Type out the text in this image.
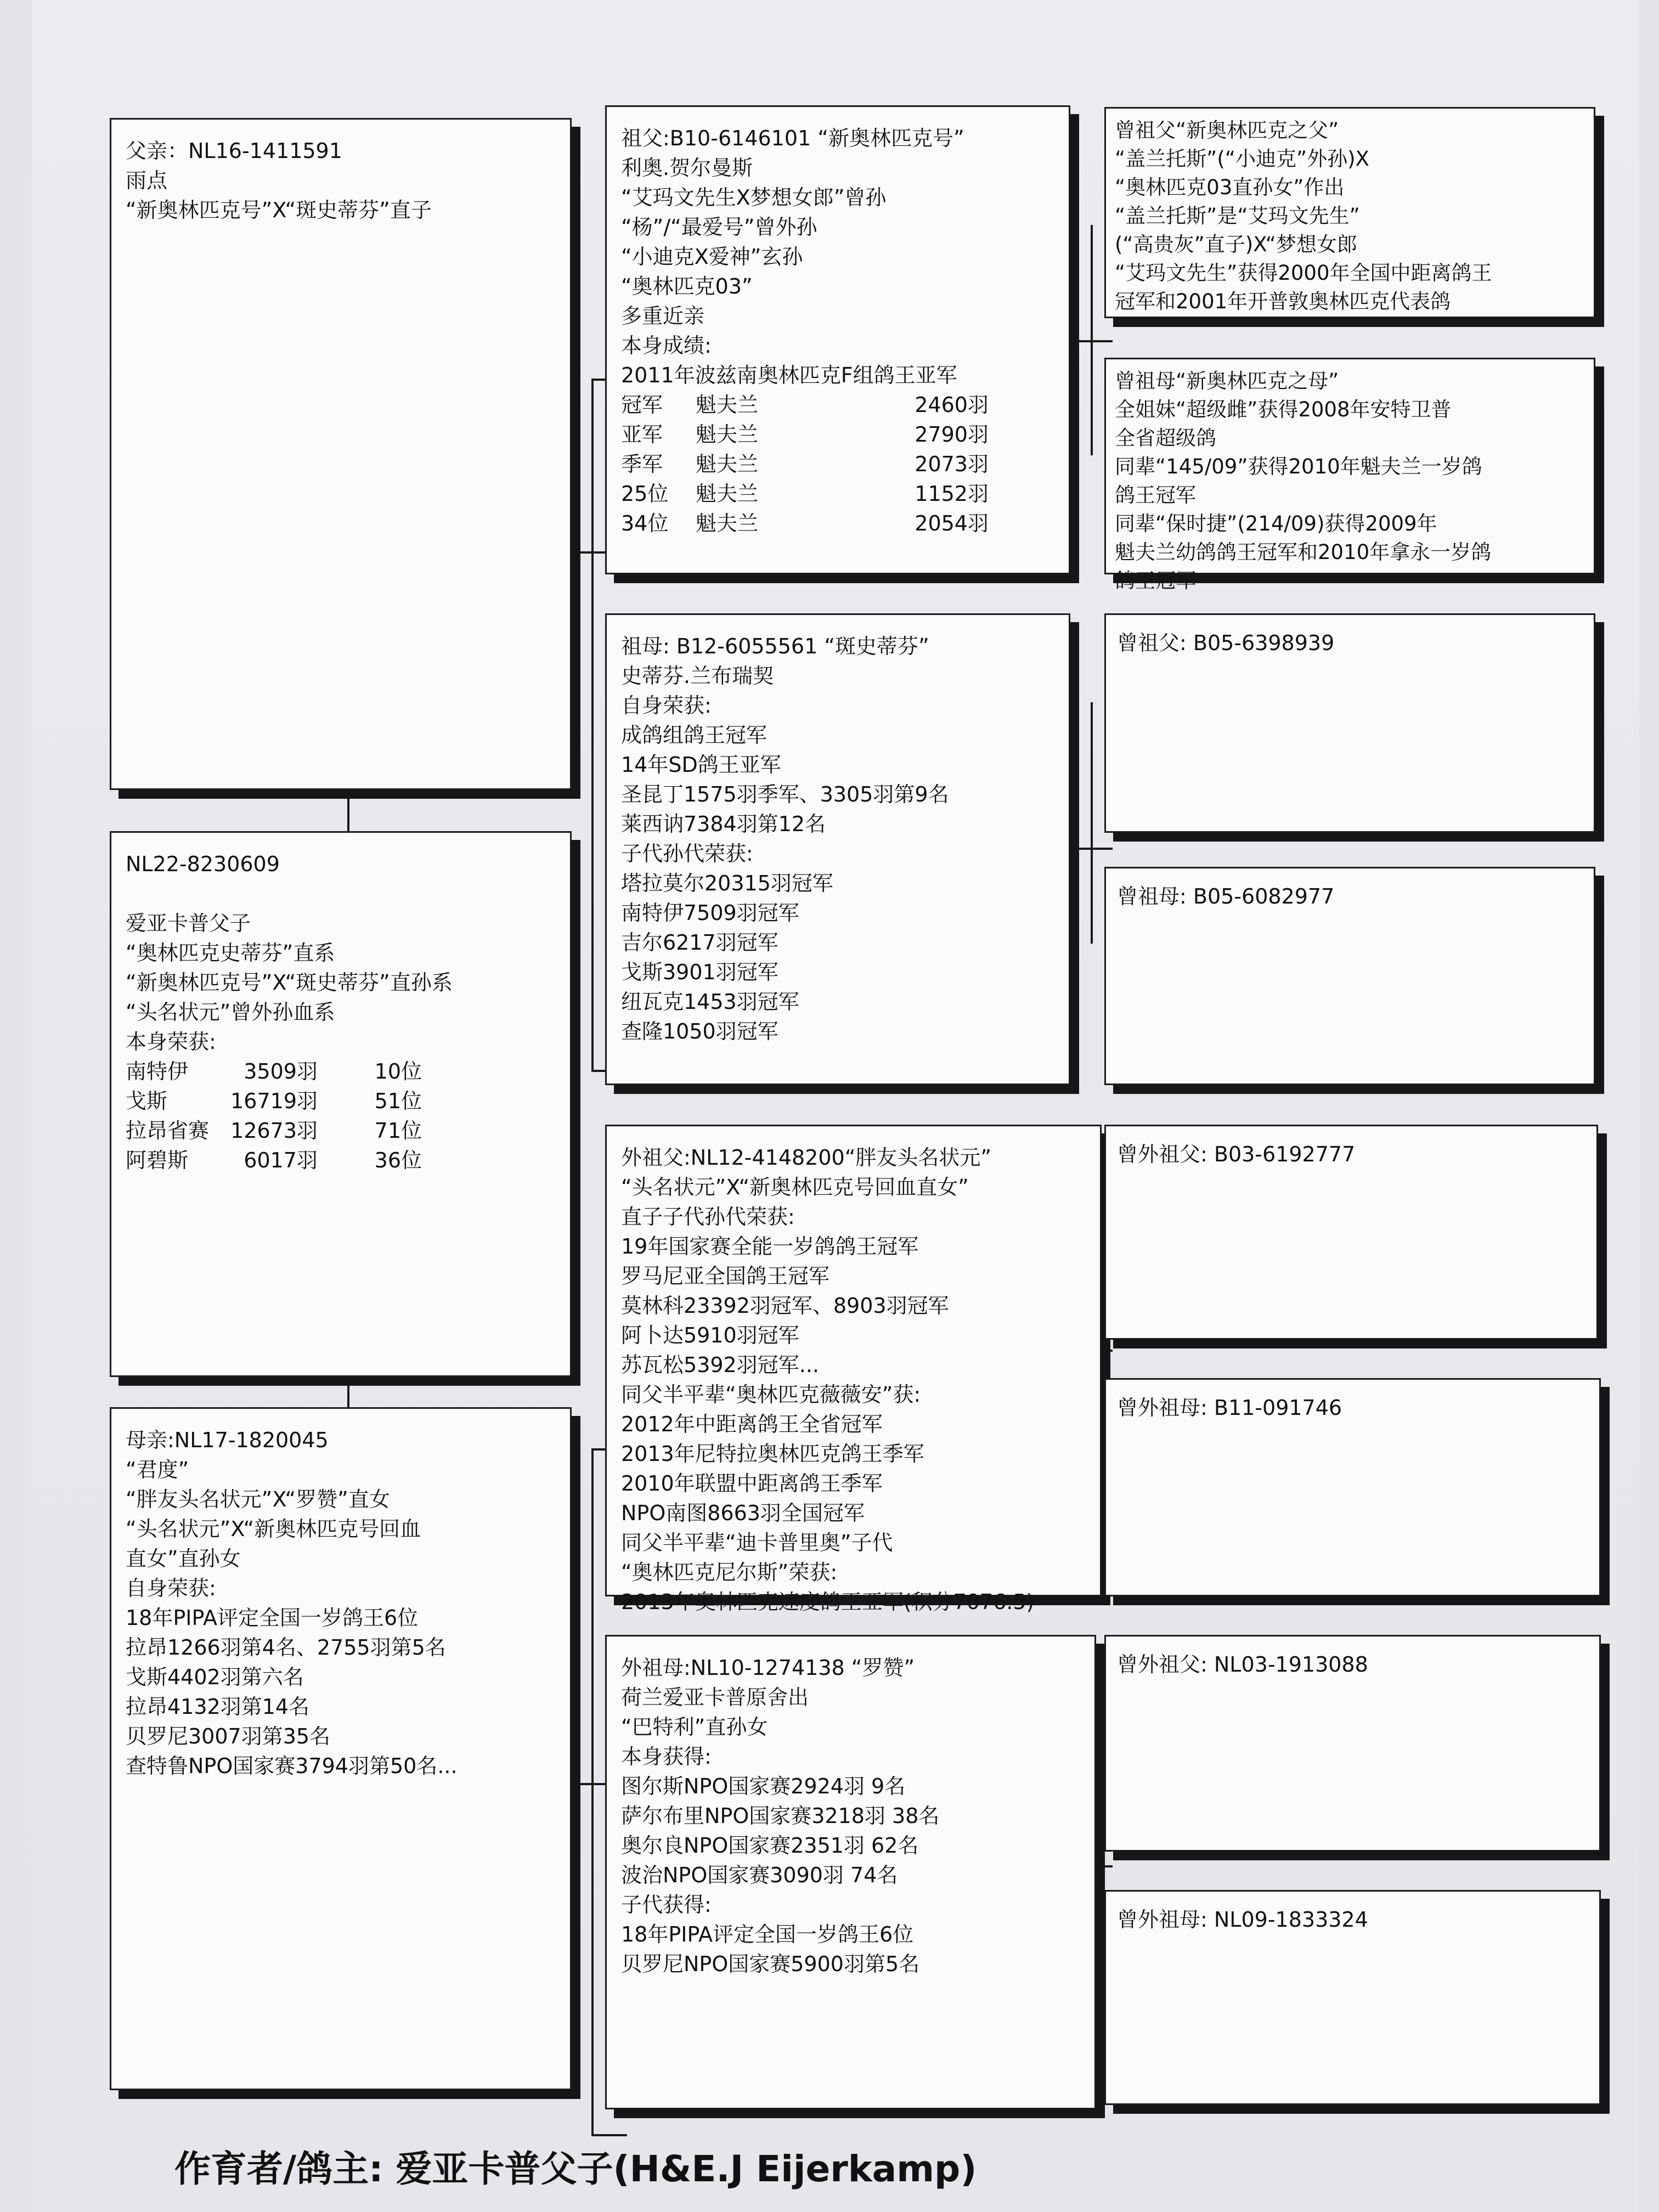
父亲：NL16-1411591
雨点
“新奥林匹克号”X“斑史蒂芬”直子
NL22-8230609

爱亚卡普父子
“奥林匹克史蒂芬”直系
“新奥林匹克号”X“斑史蒂芬”直孙系
“头名状元”曾外孙血系
本身荣获:
南特伊	3509羽	10位
戈斯	16719羽	51位
拉昂省赛	12673羽	71位
阿碧斯	6017羽	36位
母亲:NL17-1820045
“君度”
“胖友头名状元”X“罗赞”直女
“头名状元”X“新奥林匹克号回血
直女”直孙女
自身荣获:
18年PIPA评定全国一岁鸽王6位
拉昂1266羽第4名、2755羽第5名
戈斯4402羽第六名
拉昂4132羽第14名
贝罗尼3007羽第35名
查特鲁NPO国家赛3794羽第50名...
祖父:B10-6146101 “新奥林匹克号”
利奥.贺尔曼斯
“艾玛文先生X梦想女郎”曾孙
“杨”/“最爱号”曾外孙
“小迪克X爱神”玄孙
“奥林匹克03”
多重近亲
本身成绩:
2011年波兹南奥林匹克F组鸽王亚军
冠军	魁夫兰	2460羽
亚军	魁夫兰	2790羽
季军	魁夫兰	2073羽
25位	魁夫兰	1152羽
34位	魁夫兰	2054羽
祖母: B12-6055561 “斑史蒂芬”
史蒂芬.兰布瑞契
自身荣获:
成鸽组鸽王冠军
14年SD鸽王亚军
圣昆丁1575羽季军、3305羽第9名
莱西讷7384羽第12名
子代孙代荣获:
塔拉莫尔20315羽冠军
南特伊7509羽冠军
吉尔6217羽冠军
戈斯3901羽冠军
纽瓦克1453羽冠军
查隆1050羽冠军
外祖父:NL12-4148200“胖友头名状元”
“头名状元”X“新奥林匹克号回血直女”
直子子代孙代荣获:
19年国家赛全能一岁鸽鸽王冠军
罗马尼亚全国鸽王冠军
莫林科23392羽冠军、8903羽冠军
阿卜达5910羽冠军
苏瓦松5392羽冠军...
同父半平辈“奥林匹克薇薇安”获:
2012年中距离鸽王全省冠军
2013年尼特拉奥林匹克鸽王季军
2010年联盟中距离鸽王季军
NPO南图8663羽全国冠军
同父半平辈“迪卡普里奥”子代
“奥林匹克尼尔斯”荣获:
2013年奥林匹克速度鸽王亚军(积分7076.5)
外祖母:NL10-1274138 “罗赞”
荷兰爱亚卡普原舍出
“巴特利”直孙女
本身获得:
图尔斯NPO国家赛2924羽 9名
萨尔布里NPO国家赛3218羽 38名
奥尔良NPO国家赛2351羽 62名
波治NPO国家赛3090羽 74名
子代获得:
18年PIPA评定全国一岁鸽王6位
贝罗尼NPO国家赛5900羽第5名
曾祖父“新奥林匹克之父”
“盖兰托斯”(“小迪克”外孙)X
“奥林匹克03直孙女”作出
“盖兰托斯”是“艾玛文先生”
(“高贵灰”直子)X“梦想女郎
“艾玛文先生”获得2000年全国中距离鸽王
冠军和2001年开普敦奥林匹克代表鸽
曾祖母“新奥林匹克之母”
全姐妹“超级雌”获得2008年安特卫普
全省超级鸽
同辈“145/09”获得2010年魁夫兰一岁鸽
鸽王冠军
同辈“保时捷”(214/09)获得2009年
魁夫兰幼鸽鸽王冠军和2010年拿永一岁鸽
鸽王冠军
曾祖父: B05-6398939
曾祖母: B05-6082977
曾外祖父: B03-6192777
曾外祖母: B11-091746
曾外祖父: NL03-1913088
曾外祖母: NL09-1833324
作育者/鸽主: 爱亚卡普父子(H&E.J Eijerkamp)
